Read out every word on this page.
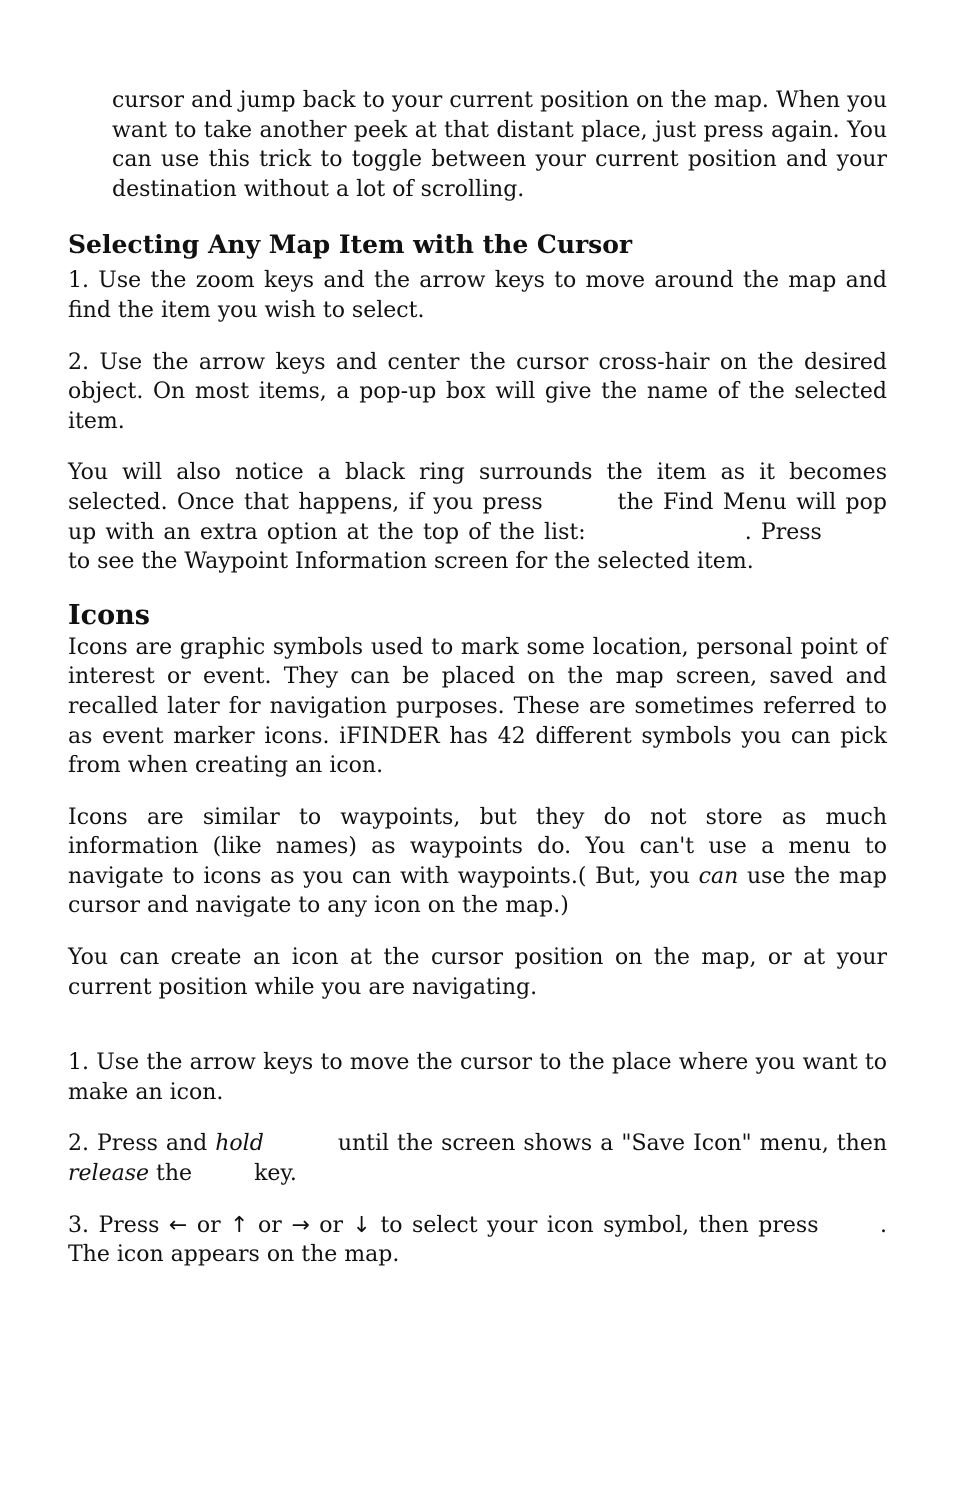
cursor and jump back to your current position on the map. When you want to take another peek at that distant place, just press again. You can use this trick to toggle between your current position and your destination without a lot of scrolling.

Selecting Any Map Item with the Cursor

1. Use the zoom keys and the arrow keys to move around the map and find the item you wish to select.

2. Use the arrow keys and center the cursor cross-hair on the desired object. On most items, a pop-up box will give the name of the selected item.

You will also notice a black ring surrounds the item as it becomes selected. Once that happens, if you press	the Find Menu will pop up with an extra option at the top of the list:	. Press  to see the Waypoint Information screen for the selected item.

Icons

Icons are graphic symbols used to mark some location, personal point of interest or event. They can be placed on the map screen, saved and recalled later for navigation purposes. These are sometimes referred to as event marker icons. iFINDER has 42 different symbols you can pick from when creating an icon.

Icons are similar to waypoints, but they do not store as much information (like names) as waypoints do. You can't use a menu to navigate to icons as you can with waypoints.( But, you can use the map cursor and navigate to any icon on the map.)

You can create an icon at the cursor position on the map, or at your current position while you are navigating.

1. Use the arrow keys to move the cursor to the place where you want to make an icon.

2. Press and hold	until the screen shows a "Save Icon" menu, then release the	key.

3. Press ← or ↑ or → or ↓ to select your icon symbol, then press	. The icon appears on the map.
